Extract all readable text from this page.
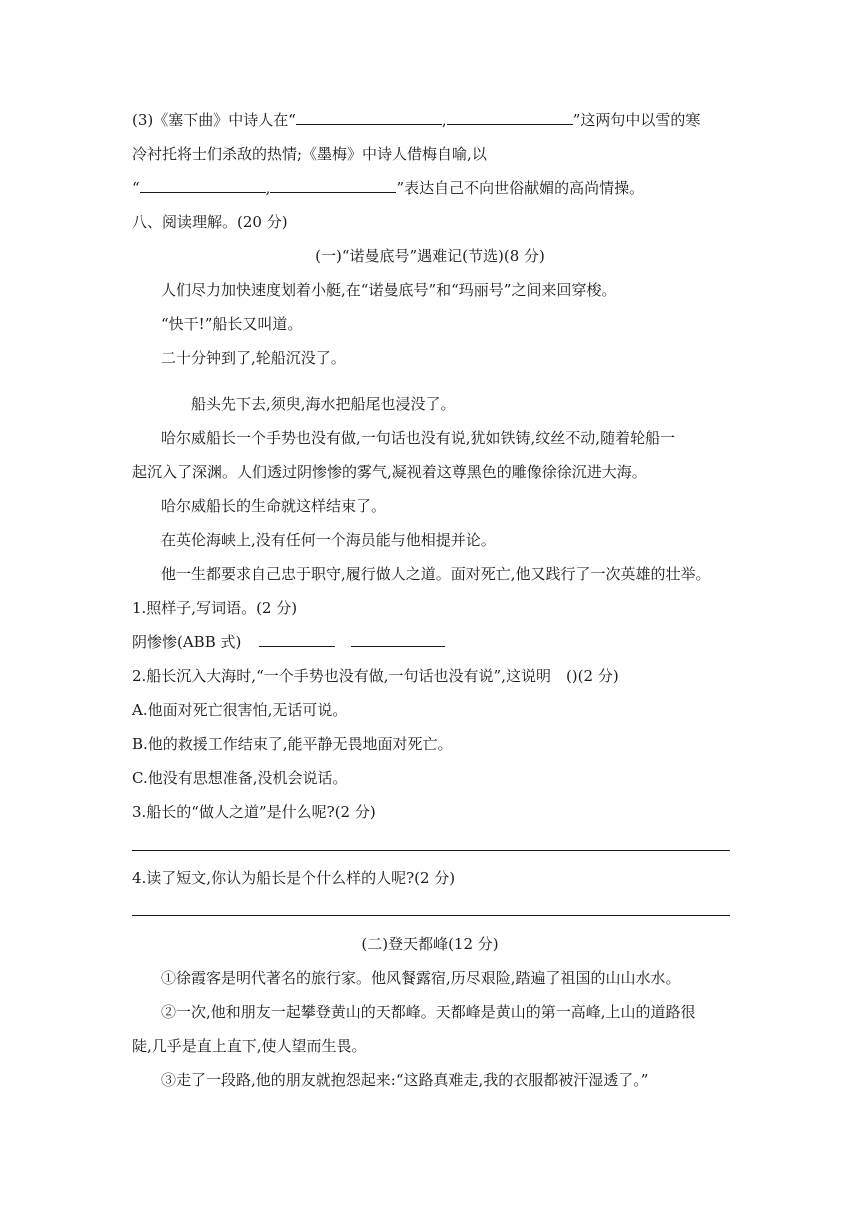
(3)《塞下曲》中诗人在“	,	”这两句中以雪的寒
冷衬托将士们杀敌的热情;《墨梅》中诗人借梅自喻,以
“	,	”表达自己不向世俗献媚的高尚情操。
八、阅读理解。(20 分)
(一)“诺曼底号”遇难记(节选)(8 分)
人们尽力加快速度划着小艇,在“诺曼底号”和“玛丽号”之间来回穿梭。
“快干!”船长又叫道。
二十分钟到了,轮船沉没了。
船头先下去,须臾,海水把船尾也浸没了。
哈尔威船长一个手势也没有做,一句话也没有说,犹如铁铸,纹丝不动,随着轮船一
起沉入了深渊。人们透过阴惨惨的雾气,凝视着这尊黑色的雕像徐徐沉进大海。
哈尔威船长的生命就这样结束了。
在英伦海峡上,没有任何一个海员能与他相提并论。
他一生都要求自己忠于职守,履行做人之道。面对死亡,他又践行了一次英雄的壮举。
1.照样子,写词语。(2 分)
阴惨惨(ABB 式)
2.船长沉入大海时,“一个手势也没有做,一句话也没有说”,这说明　()(2 分)
A.他面对死亡很害怕,无话可说。
B.他的救援工作结束了,能平静无畏地面对死亡。
C.他没有思想准备,没机会说话。
3.船长的“做人之道”是什么呢?(2 分)
4.读了短文,你认为船长是个什么样的人呢?(2 分)
(二)登天都峰(12 分)
①徐霞客是明代著名的旅行家。他风餐露宿,历尽艰险,踏遍了祖国的山山水水。
②一次,他和朋友一起攀登黄山的天都峰。天都峰是黄山的第一高峰,上山的道路很
陡,几乎是直上直下,使人望而生畏。
③走了一段路,他的朋友就抱怨起来:“这路真难走,我的衣服都被汗湿透了。”
